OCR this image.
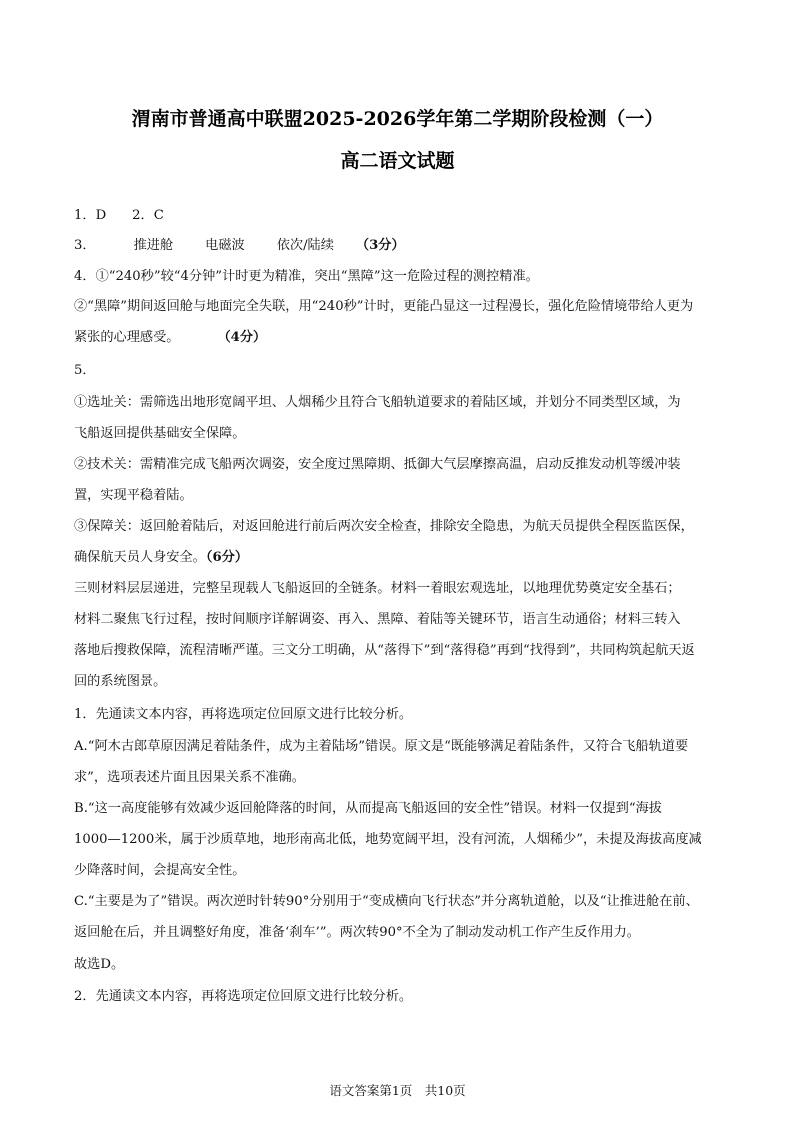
渭南市普通高中联盟2025-2026学年第二学期阶段检测（一）
高二语文试题
1．D 2．C
3．	推进舱 电磁波 依次/陆续 （3分）
4．①“240秒”较“4分钟”计时更为精准，突出“黑障”这一危险过程的测控精准。
②“黑障”期间返回舱与地面完全失联，用“240秒”计时，更能凸显这一过程漫长，强化危险情境带给人更为
紧张的心理感受。	（4分）
5．
①选址关：需筛选出地形宽阔平坦、人烟稀少且符合飞船轨道要求的着陆区域，并划分不同类型区域，为
飞船返回提供基础安全保障。
②技术关：需精准完成飞船两次调姿，安全度过黑障期、抵御大气层摩擦高温，启动反推发动机等缓冲装
置，实现平稳着陆。
③保障关：返回舱着陆后，对返回舱进行前后两次安全检查，排除安全隐患，为航天员提供全程医监医保，
确保航天员人身安全。（6分）
三则材料层层递进，完整呈现载人飞船返回的全链条。材料一着眼宏观选址，以地理优势奠定安全基石；
材料二聚焦飞行过程，按时间顺序详解调姿、再入、黑障、着陆等关键环节，语言生动通俗；材料三转入
落地后搜救保障，流程清晰严谨。三文分工明确，从“落得下”到“落得稳”再到“找得到”，共同构筑起航天返
回的系统图景。
1．先通读文本内容，再将选项定位回原文进行比较分析。
A.“阿木古郎草原因满足着陆条件，成为主着陆场”错误。原文是“既能够满足着陆条件，又符合飞船轨道要
求”，选项表述片面且因果关系不准确。
B.“这一高度能够有效减少返回舱降落的时间，从而提高飞船返回的安全性”错误。材料一仅提到“海拔
1000—1200米，属于沙质草地，地形南高北低，地势宽阔平坦，没有河流，人烟稀少”，未提及海拔高度减
少降落时间，会提高安全性。
C.“主要是为了”错误。两次逆时针转90°分别用于“变成横向飞行状态”并分离轨道舱，以及“让推进舱在前、
返回舱在后，并且调整好角度，准备‘刹车’”。两次转90°不全为了制动发动机工作产生反作用力。
故选D。
2．先通读文本内容，再将选项定位回原文进行比较分析。
语文答案第1页　共10页
